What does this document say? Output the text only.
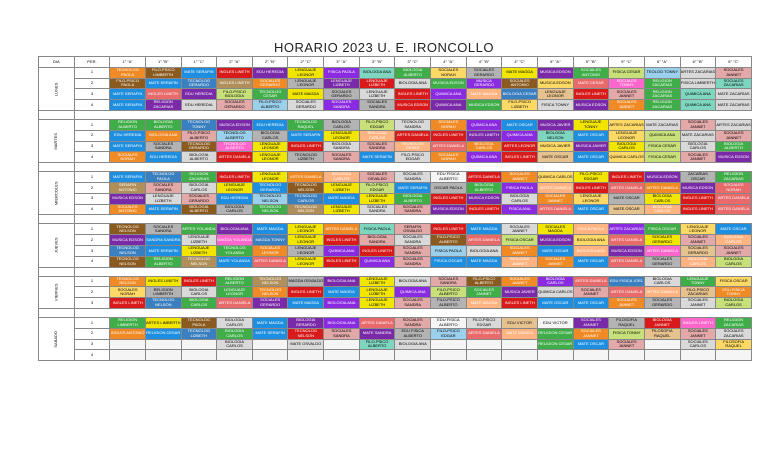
HORARIO 2023 U. E. IRONCOLLO
DIA	PER.	1° "A"	1° "B"	1° "C"	2° "A"	2° "B"	2° "C"	3° "A"	3° "B"	3° "C"	4° "A"	4° "B"	4° "C"	5° "A"	5° "B"	5° "C"	6° "A"	6° "B"	6° "C"
LUNES	1	TECNOLOG PAOLA	FILO-PSICO LIMBERTH	MATE SERAFIN	INGLES LINETH	EDU HEREDIA	LENGUAJE LEONOR	FISICA PAOLA	BIOLOGIA ANA	BIOLOGIA ALBERTO	SOCIALES NORAH	SOCIALES GERARDO	MATE MAGDA	MUSICA EDSON	SOCIALES ANTONIO	FISICA CESAR	TEOLOG TONNY	ARTES ZACARIAS	SOCIALES JANNET
	2	FILO-PSICO PAOLA	MATE SERAFIN	TECNOLOG GERARDO	INGLES LINETH	SOCIALES GERARDO	LENGUAJE LEONOR	LENGUAJE LIZBETH	LENGUAJE LIZBETH	BIOLOGIA ANA	MUSICA EDSON	MUSICA GERARDO	SOCIALES ANTONIO	MUSICA EDSON	MATE CESAR	SOCIALES TONNY	RELIGION ZACARIAS	FISICA LIMBERTH	SOCIALES ZACARIAS
	3	MATE SERAFIN	INGLES LINETH	EDU HEREDIA	FILO-PSICO BIOLOGIA	TECNOLOG CESAR	MATE MAGDA	SOCIALES GERARDO	LENGUAJE LIZBETH	INGLES LINETH	QUIMICA ANA	MATE MAGDA	BIOLOGIA CESAR	LENGUAJE LEONOR	INGLES LINETH	SOCIALES JANNET	RELIGION ZACARIAS	QUIMICA ANA	MATE ZACARIAS
	4	MATE SERAFIN	RELIGION ZACARIAS	EDU HEREDIA	SOCIALES GERARDO	FILO-PSICO ALBERTO	SOCIALES GERARDO	SOCIALES SANDRA	SOCIALES SANDRA	MUSICA EDSON	QUIMICA ANA	MUSICA EDSON	FILO-PSICO LIZBETH	FISICA TONNY	MUSICA EDSON	SOCIALES JANNET	RELIGION ZACARIAS	QUIMICA ANA	MATE ZACARIAS

MARTES	1	RELIGION ALBERTO	BIOLOGIA ALBERTO	TECNOLOG TONNY	MUSICA EDSON	EDU HEREDIA	TECNOLOG RAQUEL	BIOLOGIA CARLOS	FILO-PSICO EDGAR	TECNOLOG SANDRA	SOCIALES NORAH	QUIMICA ANA	MATE OSCAR	MUSICA JAVIER	LENGUAJE TONNY	ARTES ZACARIAS	MATE ZACARIAS	SOCIALES JANNET	ARTES ZACARIAS
	2	EDU HEREDIA	BIOLOGIA ANA	FILO-PSICO ALBERTO	TECNOLOG ALBERTO	BIOLOGIA CARLOS	MATE SERAFIN	LENGUAJE LEONOR	BIOLOGIA CARLOS	ARTES DANIELA	INGLES LINETH	INGLES LINETH	QUIMICA ANA	BIOLOGIA NELSON	MATE OSCAR	LENGUAJE LEONOR	QUIMICA ANA	MATE ZACARIAS	SOCIALES JANNET
	3	MATE SERAFIN	SOCIALES SANDRA	TECNOLOG GERARDO	TECNOLOG ALBERTO	LENGUAJE LEONOR	INGLES LINETH	BIOLOGIA SANDRA	SOCIALES SANDRA	TECNOLOG CESAR	ARTES DANIELA	BIOLOGIA CARLOS	ARTES LEONOR	MUSICA JAVIER	MUSICA JAVIER	BIOLOGIA CARLOS	FISICA CESAR	BIOLOGIA CARLOS	BIOLOGIA ALBERTO
	4	SOCIALES NORAH	EDU HEREDIA	BIOLOGIA ALBERTO	ARTES DANIELA	LENGUAJE LEONOR	TECNOLOG LIZBETH	SOCIALES SANDRA	MATE SERAFIN	FILO-PSICO EDGAR	SOCIALES NORAH	QUIMICA ANA	INGLES LINETH	MATE OSCAR	MATE OSCAR	QUIMICA CARLOS	FISICA CESAR	SOCIALES JANNET	MUSICA EDSON

MIERCOLES	1	MATE SERAFIN	TECNOLOG PAOLA	RELIGION ZACARIAS	INGLES LINETH	LENGUAJE LEONOR	ARTES DANIELA	BIOLOGIA CARLOS	SOCIALES OSVALDO	SOCIALES SANDRA	EDU FISICA ALBERTO	ARTES DANIELA	SOCIALES JANNET	QUIMICA CARLOS	FILO-PSICO EDGAR	INGLES LINETH	MUSICA EDSON	ZACARIAS OSCAR	RELIGION ZACARIAS
	2	SERAFIN ANTONIO	SOCIALES SANDRA	BIOLOGIA CARLOS	LENGUAJE LEONOR	TECNOLOG GERARDO	TECNOLOG NELSON	LENGUAJE LIZBETH	FILO-PSICO EDGAR	MATE SERAFIN	OSCAR PAOLA	BIOLOGIA ALBERTO	FISICA PAOLA	ARTES DANIELA	INGLES LINETH	ARTES DANIELA	ARTES DANIELA	MUSICA EDSON	SOCIALES NORAH
	3	MUSICA EDSON	LENGUAJE LIZBETH	SOCIALES GERARDO	EDU HEREDIA	TECNOLOG NELSON	TECNOLOG CARLOS	MATE MAGDA	LENGUAJE LIZBETH	BIOLOGIA ALBERTO	INGLES LINETH	MUSICA EDSON	BIOLOGIA CARLOS	SOCIALES JANNET	LENGUAJE LEONOR	MATE OSCAR	BIOLOGIA CARLOS	INGLES LINETH	ARTES DANIELA
	4	SOCIALES ANTONIO	MATE SERAFIN	BIOLOGIA ALBERTO	BIOLOGIA CARLOS	TECNOLOG NELSON	TECNOLOG NELSON	LENGUAJE LIZBETH	SOCIALES SANDRA	SOCIALES SANDRA	MUSICA EDSON	INGLES LINETH	FISICA ANA	ARTES DANIELA	MATE OSCAR	MATE OSCAR	BIOLOGIA CARLOS	INGLES LINETH	ARTES DANIELA

JUEVES	1	TECNOLOG NELSON	SOCIALES SANDRA	ARTES YOLANDA	BIOLOGIA ANA	MATE MAGDA	LENGUAJE LEONOR	ARTES DANIELA	FISICA PAOLA	SERAFIN OSVALDO	INGLES LINETH	MATE MAGDA	SOCIALES JANNET	SOCIALES MAGDA	FISICA PAOLA	ARTES ZACARIAS	FISICA OSCAR	LENGUAJE LEONOR	MATE OSCAR
	2	MUSICA EDSON	SANDRA SANDRA	LENGUAJE LIZBETH	MAGDA YOLANDA	MAGDA TONNY	LENGUAJE LEONOR	INGLES LINETH	BIOLOGIA SANDRA	SOCIALES SANDRA	FILO-PSICO ALBERTO	ARTES DANIELA	FISICA OSCAR	MUSICA EDSON	BIOLOGIA ANA	ARTES DANIELA	SOCIALES GERARDO	SOCIALES JANNET	BIOLOGIA CARLOS
	3	TECNOLOG NELSON	MATE SERAFIN	LENGUAJE LIZBETH	TECNOLOG YOLANDA	SOCIALES LEONOR	LENGUAJE LEONOR	QUIMICA ANA	INGLES LINETH	SOCIALES SANDRA	FISICA PAOLA	BIOLOGIA ANA	SOCIALES JANNET	MATE OSCAR	BIOLOGIA ANA	MUSICA EDSON	ARTES DANIELA	SOCIALES GERARDO	SOCIALES JANNET
	4	TECNOLOG NELSON	RELIGION ALBERTO	TECNOLOG NELSON	MATE YOLANDA	ARTES DANIELA	LENGUAJE LEONOR	INGLES LINETH	QUIMICA ANA	SOCIALES SANDRA	FISICA OSCAR	MATE MAGDA	BIOLOGIA JANNET	SOCIALES JANNET	MATE OSCAR	ARTES DANIELA	SOCIALES GERARDO	BIOLOGIA CARLOS	BIOLOGIA CARLOS

VIERNES	1	TECNOLOG NELSON	INGLES LINETH	INGLES LINETH	RELIGION ALBERTO	TECNOLOG NELSON	MAGDA OSVALDO	BIOLOGIA ANA	LENGUAJE LIZBETH	BIOLOGIA ANA	SOCIALES SANDRA	FILO-PSICO ALBERTO	SOCIALES JANNET	BIOLOGIA CARLOS	ARTES DANIELA	EDU FISICA JOEL	BIOLOGIA CARLOS	LENGUAJE TONNY	FISICA OSCAR
	2	SOCIALES NORAH	RELIGION LIMBERTH	BIOLOGIA CARLOS	LENGUAJE LEONOR	TECNOLOG NELSON	INGLES LINETH	MATE MAGDA	LENGUAJE LIZBETH	QUIMICA ANA	FILO-PSICO ALBERTO	SOCIALES JANNET	MUSICA JAVIER	QUIMICA CARLOS	SOCIALES JANNET	ARTES DANIELA	ARTES DANIELA	FILO-PSICO ZACARIAS	EDU FISICA TONNY
	3	INGLES LINETH	TECNOLOG NELSON	BIOLOGIA CARLOS	ARTES DANIELA	SOCIALES GERARDO	MATE MAGDA	BIOLOGIA ANA	LENGUAJE LIZBETH	SOCIALES SANDRA	FILO-PSICO ALBERTO	MATE MAGDA	INGLES LINETH	MATE OSCAR	MATE OSCAR	SOCIALES JANNET	SOCIALES GERARDO	SOCIALES JANNET	BIOLOGIA CARLOS

SABADO	1	RELIGION LIMBERTH	ARTES LIMBERTH	TECNOLOG PAOLA	BIOLOGIA CARLOS	MATE MAGDA	BIOLOGIA GERARDO	BIOLOGIA ANA	ARTES DANIELA	SOCIALES SANDRA	EDU FISICA ALBERTO	FILO-PSICO EDGAR	EDU VICTOR	EDU VICTOR	SOCIALES JANNET	FILOSOFIA RAQUEL	BIOLOGIA JANNET	INGLES LINETH	RELIGION ZACARIAS
	2	INGLES ANTONIO	RELIGION CESAR	TECNOLOG LIZBETH	BIOLOGIA CARLOS	MATE SERAFIN	TECNOLOG NELSON	SOCIALES SANDRA	MATE SANDRA	EDU FISICA ALBERTO	FILO-PSICO EDGAR	ARTES DANIELA	MATE MAGDA	RELIGION CESAR	SOCIALES JANNET	FISICA TONNY	FILOSOFIA RAQUEL	SOCIALES JANNET	SOCIALES ZACARIAS
	3				BIOLOGIA CARLOS		MATE OSVALDO		FILO-PSICO ALBERTO	BIOLOGIA ANA				RELIGION CESAR	MATE OSCAR	SOCIALES JANNET		SOCIALES CARLOS	FILOSOFIA RAQUEL
	4																		
